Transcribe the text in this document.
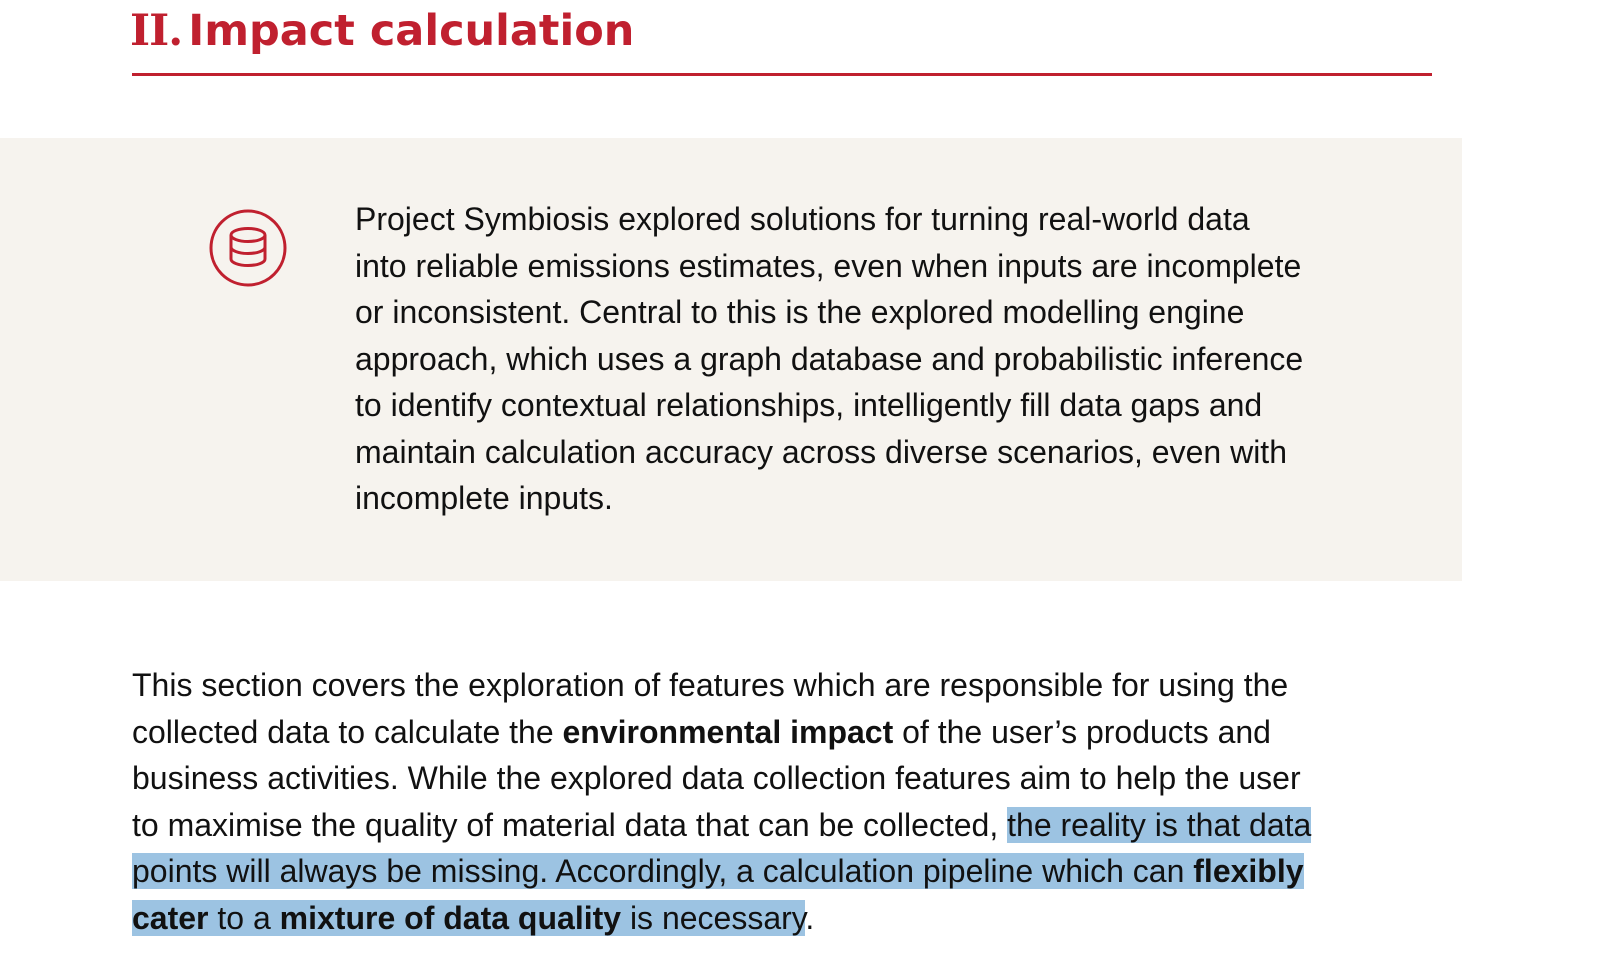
II. Impact calculation

Project Symbiosis explored solutions for turning real-world data
into reliable emissions estimates, even when inputs are incomplete
or inconsistent. Central to this is the explored modelling engine
approach, which uses a graph database and probabilistic inference
to identify contextual relationships, intelligently fill data gaps and
maintain calculation accuracy across diverse scenarios, even with
incomplete inputs.

This section covers the exploration of features which are responsible for using the
collected data to calculate the environmental impact of the user’s products and
business activities. While the explored data collection features aim to help the user
to maximise the quality of material data that can be collected, the reality is that data
points will always be missing. Accordingly, a calculation pipeline which can flexibly
cater to a mixture of data quality is necessary.
